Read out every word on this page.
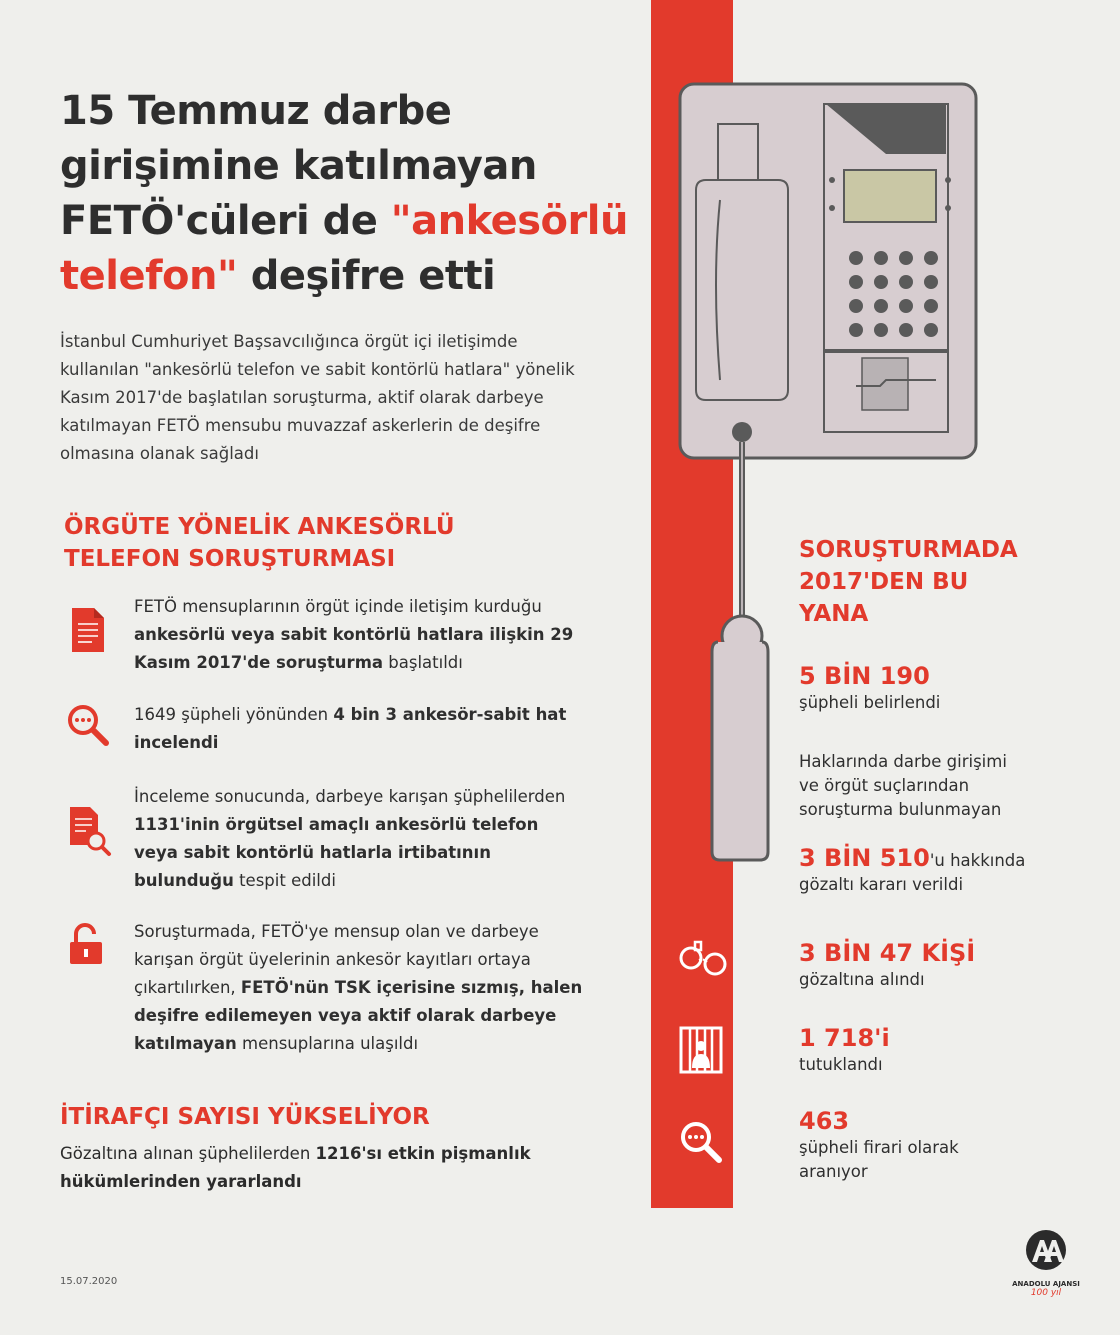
15 Temmuz darbe
girişimine katılmayan
FETÖ'cüleri de "ankesörlü
telefon" deşifre etti
İstanbul Cumhuriyet Başsavcılığınca örgüt içi iletişimde kullanılan "ankesörlü telefon ve sabit kontörlü hatlara" yönelik Kasım 2017'de başlatılan soruşturma, aktif olarak darbeye katılmayan FETÖ mensubu muvazzaf askerlerin de deşifre olmasına olanak sağladı
ÖRGÜTE YÖNELİK ANKESÖRLÜ
TELEFON SORUŞTURMASI
FETÖ mensuplarının örgüt içinde iletişim kurduğu ankesörlü veya sabit kontörlü hatlara ilişkin 29 Kasım 2017'de soruşturma başlatıldı
1649 şüpheli yönünden 4 bin 3 ankesör-sabit hat incelendi
İnceleme sonucunda, darbeye karışan şüphelilerden 1131'inin örgütsel amaçlı ankesörlü telefon veya sabit kontörlü hatlarla irtibatının bulunduğu tespit edildi
Soruşturmada, FETÖ'ye mensup olan ve darbeye karışan örgüt üyelerinin ankesör kayıtları ortaya çıkartılırken, FETÖ'nün TSK içerisine sızmış, halen deşifre edilemeyen veya aktif olarak darbeye katılmayan mensuplarına ulaşıldı
İTİRAFÇI SAYISI YÜKSELİYOR
Gözaltına alınan şüphelilerden 1216'sı etkin pişmanlık hükümlerinden yararlandı
15.07.2020
SORUŞTURMADA
2017'DEN BU
YANA
5 BİN 190
şüpheli belirlendi
Haklarında darbe girişimi
ve örgüt suçlarından
soruşturma bulunmayan
3 BİN 510'u hakkında
gözaltı kararı verildi
3 BİN 47 KİŞİ
gözaltına alındı
1 718'i
tutuklandı
463
şüpheli firari olarak
aranıyor
ANADOLU AJANSI
100 yıl
